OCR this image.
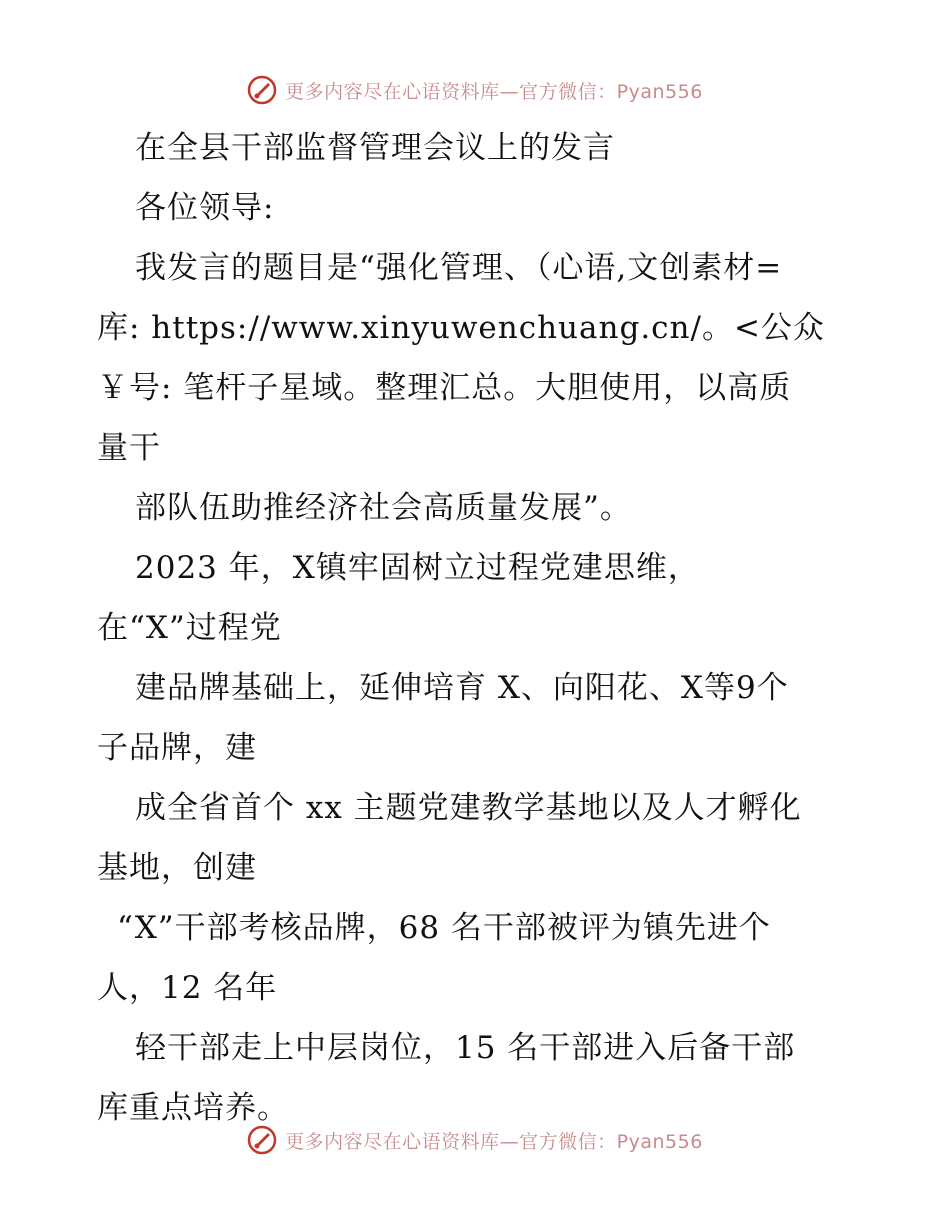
更多内容尽在心语资料库—官方微信：Pyan556
在全县干部监督管理会议上的发言
各位领导:
我发言的题目是“强化管理、（心语,文创素材=
库: https://www.xinyuwenchuang.cn/。<公众
￥号: 笔杆子星域。整理汇总。大胆使用，以高质
量干
部队伍助推经济社会高质量发展”。
2023 年，X镇牢固树立过程党建思维，
在“X”过程党
建品牌基础上，延伸培育 X、向阳花、X等9个
子品牌，建
成全省首个 xx 主题党建教学基地以及人才孵化
基地，创建
“X”干部考核品牌，68 名干部被评为镇先进个
人，12 名年
轻干部走上中层岗位，15 名干部进入后备干部
库重点培养。
更多内容尽在心语资料库—官方微信：Pyan556
